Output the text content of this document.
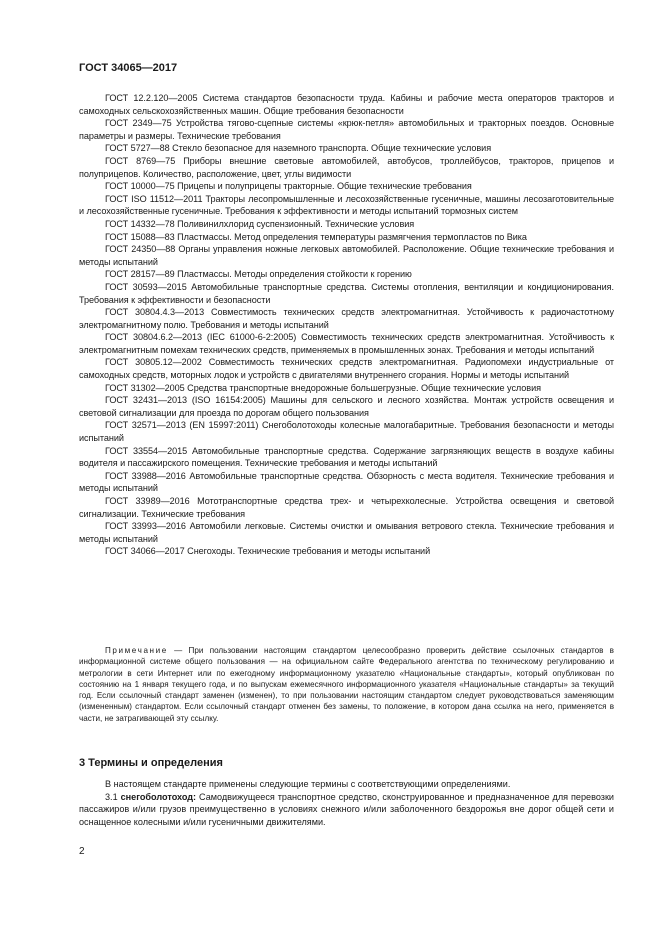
ГОСТ 34065—2017

ГОСТ 12.2.120—2005 Система стандартов безопасности труда. Кабины и рабочие места операторов тракторов и самоходных сельскохозяйственных машин. Общие требования безопасности

ГОСТ 2349—75 Устройства тягово-сцепные системы «крюк-петля» автомобильных и тракторных поездов. Основные параметры и размеры. Технические требования

ГОСТ 5727—88 Стекло безопасное для наземного транспорта. Общие технические условия

ГОСТ 8769—75 Приборы внешние световые автомобилей, автобусов, троллейбусов, тракторов, прицепов и полуприцепов. Количество, расположение, цвет, углы видимости

ГОСТ 10000—75 Прицепы и полуприцепы тракторные. Общие технические требования

ГОСТ ISO 11512—2011 Тракторы лесопромышленные и лесохозяйственные гусеничные, машины лесозаготовительные и лесохозяйственные гусеничные. Требования к эффективности и методы испытаний тормозных систем

ГОСТ 14332—78 Поливинилхлорид суспензионный. Технические условия

ГОСТ 15088—83 Пластмассы. Метод определения температуры размягчения термопластов по Вика

ГОСТ 24350—88 Органы управления ножные легковых автомобилей. Расположение. Общие технические требования и методы испытаний

ГОСТ 28157—89 Пластмассы. Методы определения стойкости к горению

ГОСТ 30593—2015 Автомобильные транспортные средства. Системы отопления, вентиляции и кондиционирования. Требования к эффективности и безопасности

ГОСТ 30804.4.3—2013 Совместимость технических средств электромагнитная. Устойчивость к радиочастотному электромагнитному полю. Требования и методы испытаний

ГОСТ 30804.6.2—2013 (IEC 61000-6-2:2005) Совместимость технических средств электромагнитная. Устойчивость к электромагнитным помехам технических средств, применяемых в промышленных зонах. Требования и методы испытаний

ГОСТ 30805.12—2002 Совместимость технических средств электромагнитная. Радиопомехи индустриальные от самоходных средств, моторных лодок и устройств с двигателями внутреннего сгорания. Нормы и методы испытаний

ГОСТ 31302—2005 Средства транспортные внедорожные большегрузные. Общие технические условия

ГОСТ 32431—2013 (ISO 16154:2005) Машины для сельского и лесного хозяйства. Монтаж устройств освещения и световой сигнализации для проезда по дорогам общего пользования

ГОСТ 32571—2013 (EN 15997:2011) Снегоболотоходы колесные малогабаритные. Требования безопасности и методы испытаний

ГОСТ 33554—2015 Автомобильные транспортные средства. Содержание загрязняющих веществ в воздухе кабины водителя и пассажирского помещения. Технические требования и методы испытаний

ГОСТ 33988—2016 Автомобильные транспортные средства. Обзорность с места водителя. Технические требования и методы испытаний

ГОСТ 33989—2016 Мототранспортные средства трех- и четырехколесные. Устройства освещения и световой сигнализации. Технические требования

ГОСТ 33993—2016 Автомобили легковые. Системы очистки и омывания ветрового стекла. Технические требования и методы испытаний

ГОСТ 34066—2017 Снегоходы. Технические требования и методы испытаний

Примечание — При пользовании настоящим стандартом целесообразно проверить действие ссылочных стандартов в информационной системе общего пользования — на официальном сайте Федерального агентства по техническому регулированию и метрологии в сети Интернет или по ежегодному информационному указателю «Национальные стандарты», который опубликован по состоянию на 1 января текущего года, и по выпускам ежемесячного информационного указателя «Национальные стандарты» за текущий год. Если ссылочный стандарт заменен (изменен), то при пользовании настоящим стандартом следует руководствоваться заменяющим (измененным) стандартом. Если ссылочный стандарт отменен без замены, то положение, в котором дана ссылка на него, применяется в части, не затрагивающей эту ссылку.

3 Термины и определения

В настоящем стандарте применены следующие термины с соответствующими определениями.

3.1 снегоболотоход: Самодвижущееся транспортное средство, сконструированное и предназначенное для перевозки пассажиров и/или грузов преимущественно в условиях снежного и/или заболоченного бездорожья вне дорог общей сети и оснащенное колесными и/или гусеничными движителями.

2
